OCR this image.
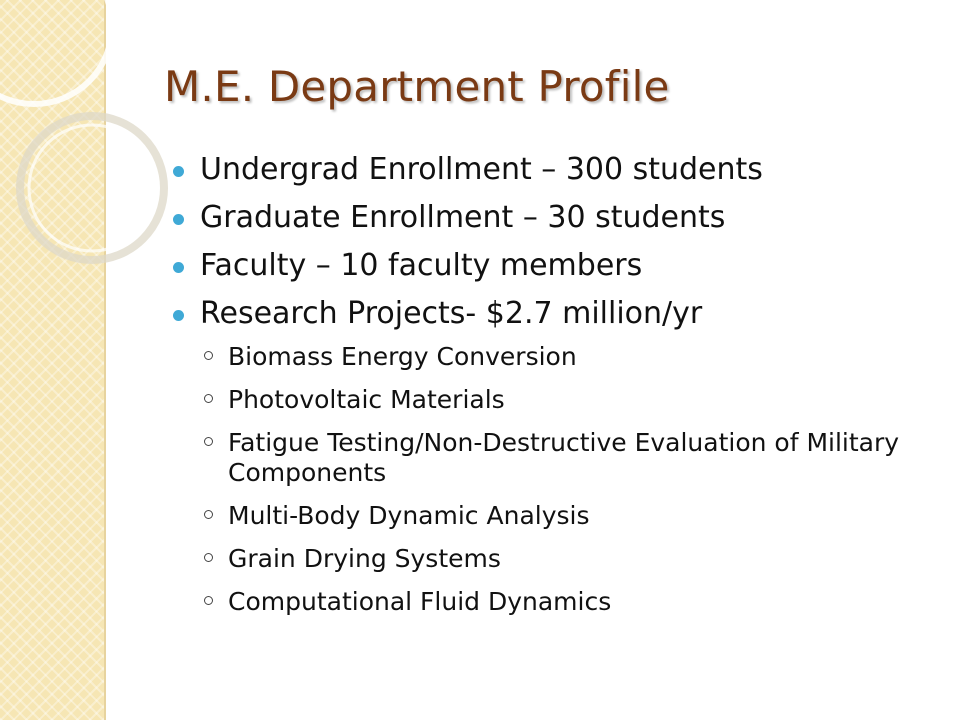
M.E. Department Profile
Undergrad Enrollment – 300 students
Graduate Enrollment – 30 students
Faculty – 10 faculty members
Research Projects- $2.7 million/yr
Biomass Energy Conversion
Photovoltaic Materials
Fatigue Testing/Non-Destructive Evaluation of Military Components
Multi-Body Dynamic Analysis
Grain Drying Systems
Computational Fluid Dynamics
